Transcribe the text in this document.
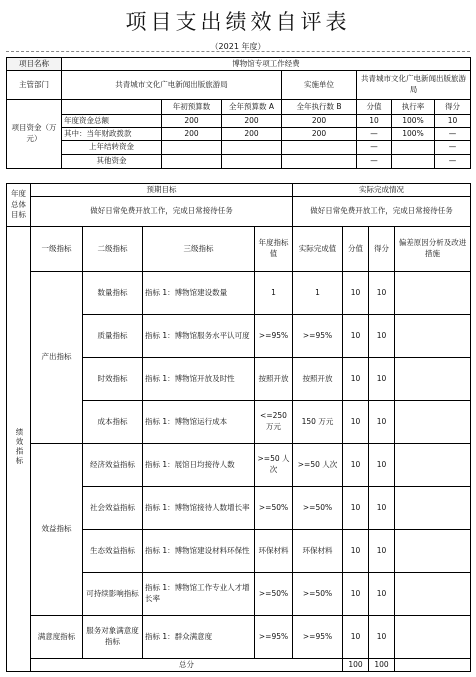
项目支出绩效自评表
（2021 年度）
项目名称	博物馆专项工作经费						
主管部门	共青城市文化广电新闻出版旅游局			实施单位	共青城市文化广电新闻出版旅游局		
项目资金（万元）		年初预算数	全年预算数 A	全年执行数 B	分值	执行率	得分
	年度资金总额	200	200	200	10	100%	10
	其中：当年财政拨款	200	200	200	—	100%	—
	上年结转资金				—		—
	其他资金				—		—
年度总体目标	预期目标				实际完成情况			
	做好日常免费开放工作，完成日常接待任务				做好日常免费开放工作，完成日常接待任务			
绩效指标	一级指标	二级指标	三级指标	年度指标值	实际完成值	分值	得分	偏差原因分析及改进措施
	产出指标	数量指标	指标 1：博物馆建设数量	1	1	10	10	
		质量指标	指标 1：博物馆服务水平认可度	>=95%	>=95%	10	10	
		时效指标	指标 1：博物馆开放及时性	按照开放	按照开放	10	10	
		成本指标	指标 1：博物馆运行成本	<=250 万元	150 万元	10	10	
	效益指标	经济效益指标	指标 1：展馆日均接待人数	>=50 人次	>=50 人次	10	10	
		社会效益指标	指标 1：博物馆接待人数增长率	>=50%	>=50%	10	10	
		生态效益指标	指标 1：博物馆建设材料环保性	环保材料	环保材料	10	10	
		可持续影响指标	指标 1：博物馆工作专业人才增长率	>=50%	>=50%	10	10	
	满意度指标	服务对象满意度指标	指标 1：群众满意度	>=95%	>=95%	10	10	
	总分					100	100	
